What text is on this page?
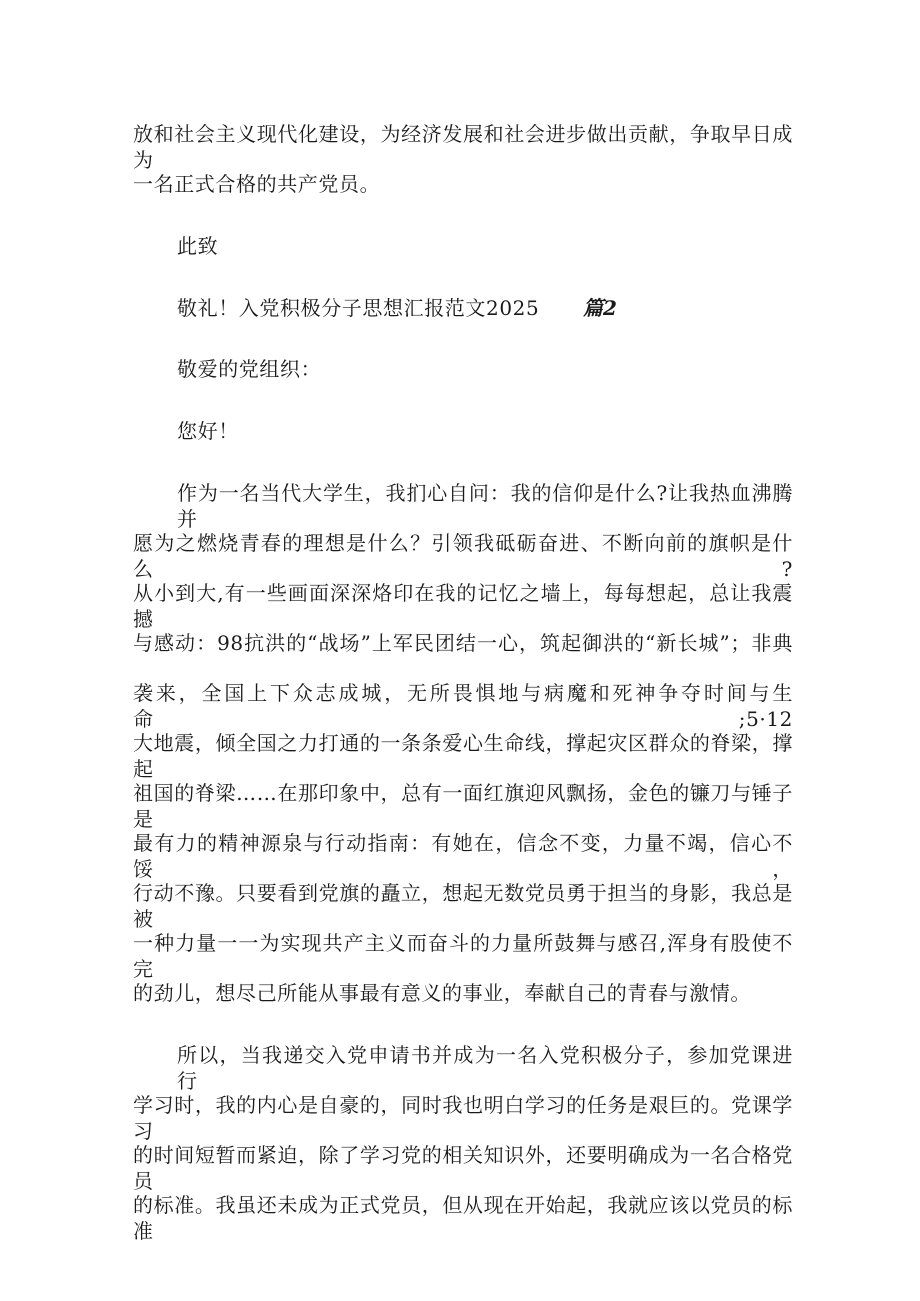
放和社会主义现代化建设，为经济发展和社会进步做出贡献，争取早日成为
一名正式合格的共产党员。
此致
敬礼！入党积极分子思想汇报范文2025	篇2
敬爱的党组织：
您好！
作为一名当代大学生，我扪心自问：我的信仰是什么?让我热血沸腾并
愿为之燃烧青春的理想是什么？引领我砥砺奋进、不断向前的旗帜是什么?
从小到大,有一些画面深深烙印在我的记忆之墙上，每每想起，总让我震撼
与感动：98抗洪的“战场”上军民团结一心，筑起御洪的“新长城”；非典
袭来，全国上下众志成城，无所畏惧地与病魔和死神争夺时间与生命;5·12
大地震，倾全国之力打通的一条条爱心生命线，撑起灾区群众的脊梁，撑起
祖国的脊梁……在那印象中，总有一面红旗迎风飘扬，金色的镰刀与锤子是
最有力的精神源泉与行动指南：有她在，信念不变，力量不竭，信心不馁，
行动不豫。只要看到党旗的矗立，想起无数党员勇于担当的身影，我总是被
一种力量一一为实现共产主义而奋斗的力量所鼓舞与感召,浑身有股使不完
的劲儿，想尽己所能从事最有意义的事业，奉献自己的青春与激情。
所以，当我递交入党申请书并成为一名入党积极分子，参加党课进行
学习时，我的内心是自豪的，同时我也明白学习的任务是艰巨的。党课学习
的时间短暂而紧迫，除了学习党的相关知识外，还要明确成为一名合格党员
的标准。我虽还未成为正式党员，但从现在开始起，我就应该以党员的标准
